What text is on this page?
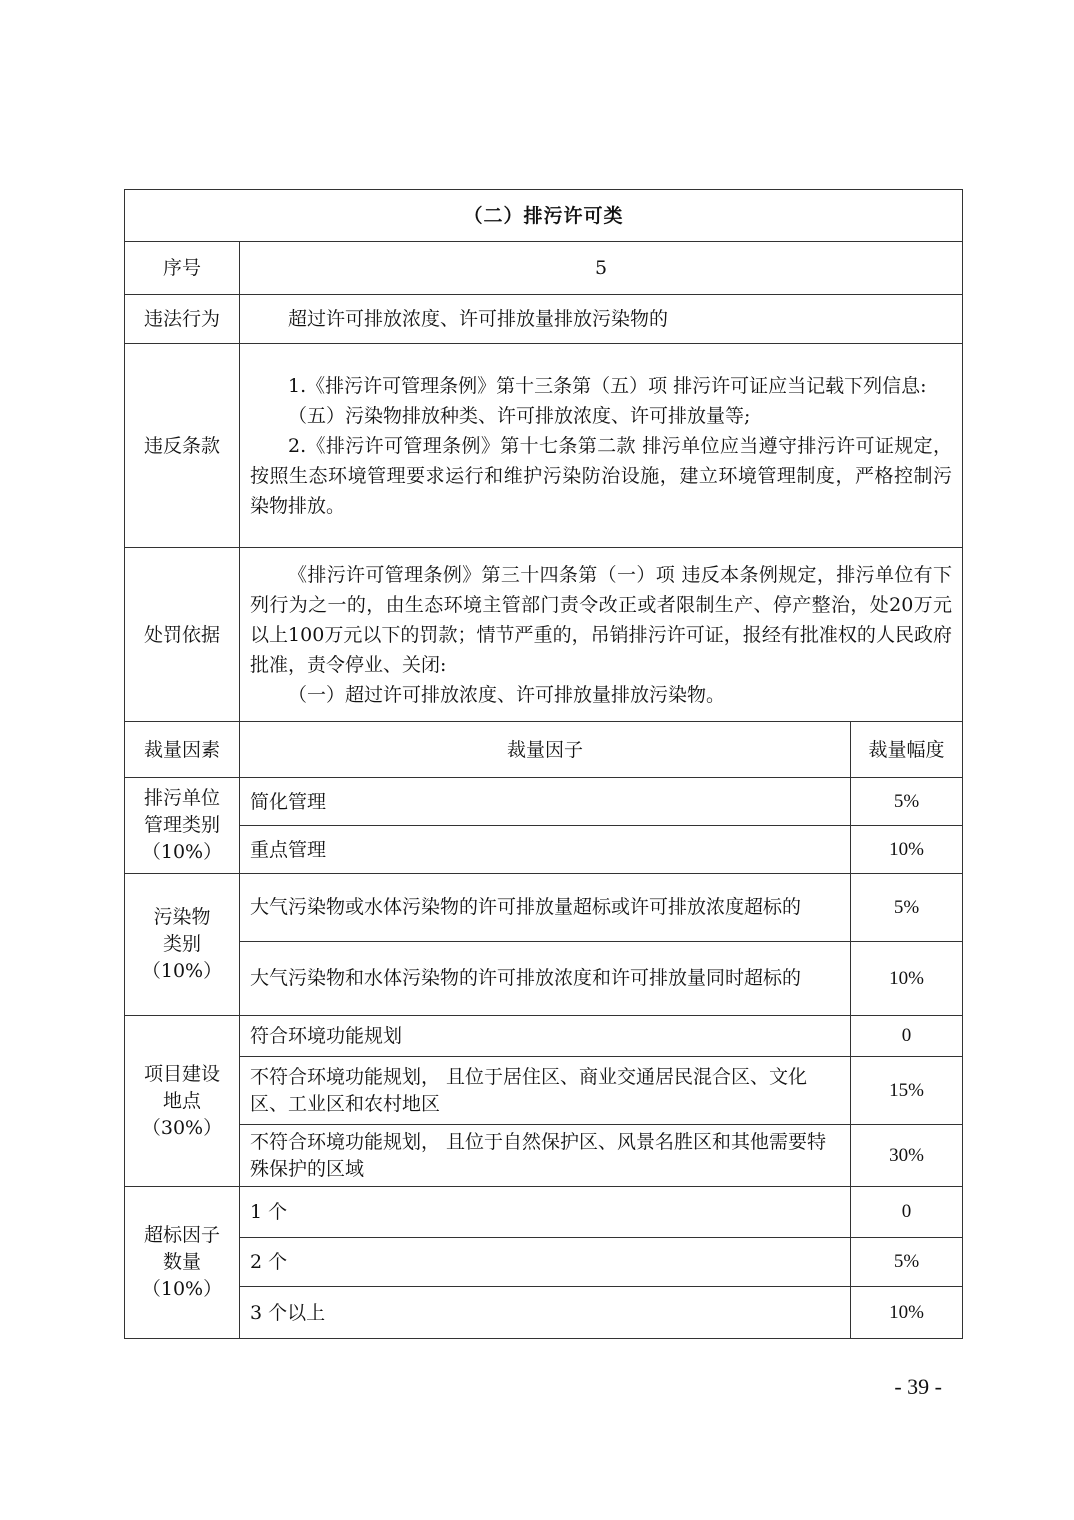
（二）排污许可类		
序号	5	
违法行为	超过许可排放浓度、许可排放量排放污染物的	

违反条款	1.《排污许可管理条例》第十三条第（五）项 排污许可证应当记载下列信息:

（五）污染物排放种类、许可排放浓度、许可排放量等;

2.《排污许可管理条例》第十七条第二款 排污单位应当遵守排污许可证规定，按照生态环境管理要求运行和维护污染防治设施，建立环境管理制度，严格控制污染物排放。	

处罚依据	《排污许可管理条例》第三十四条第（一）项 违反本条例规定，排污单位有下列行为之一的，由生态环境主管部门责令改正或者限制生产、停产整治，处20万元以上100万元以下的罚款；情节严重的，吊销排污许可证，报经有批准权的人民政府批准，责令停业、关闭:

（一）超过许可排放浓度、许可排放量排放污染物。	

裁量因素	裁量因子	裁量幅度

排污单位
管理类别
（10%）	简化管理	5%
	重点管理	10%

污染物
类别
（10%）	大气污染物或水体污染物的许可排放量超标或许可排放浓度超标的	5%
	大气污染物和水体污染物的许可排放浓度和许可排放量同时超标的	10%

项目建设
地点
（30%）	符合环境功能规划	0
	不符合环境功能规划， 且位于居住区、商业交通居民混合区、文化区、工业区和农村地区	15%
	不符合环境功能规划， 且位于自然保护区、风景名胜区和其他需要特殊保护的区域	30%

超标因子
数量
（10%）	1 个	0
	2 个	5%
	3 个以上	10%
- 39 -
